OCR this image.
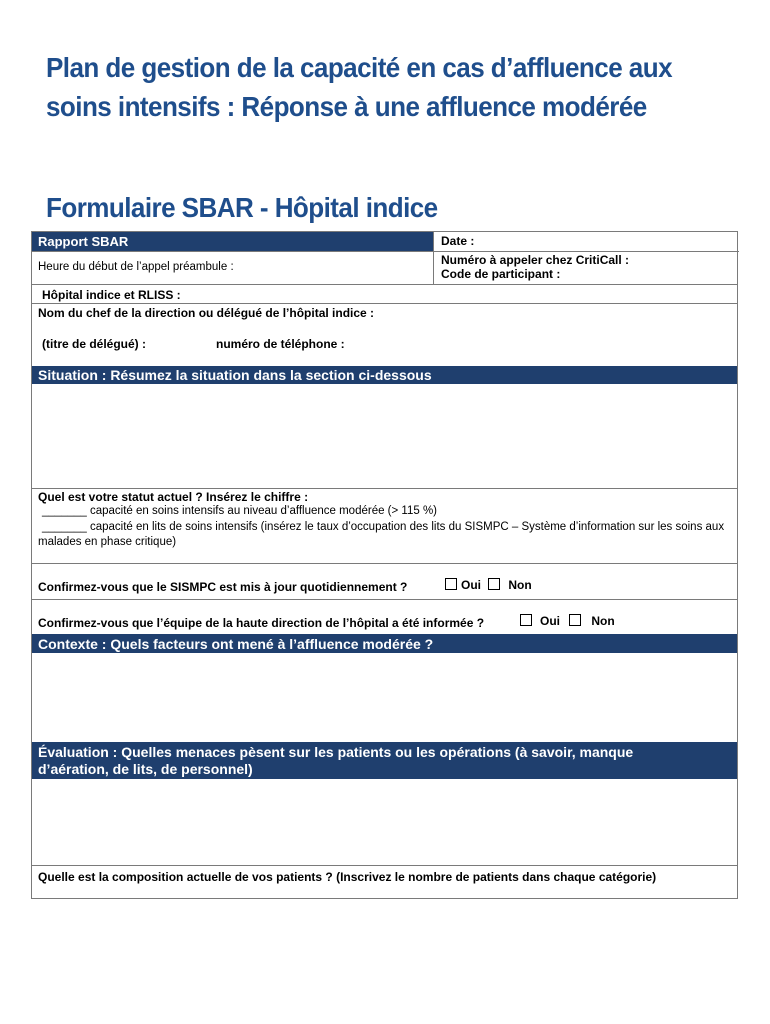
Plan de gestion de la capacité en cas d’affluence aux soins intensifs : Réponse à une affluence modérée
Formulaire SBAR - Hôpital indice
Rapport SBAR	Date :
Heure du début de l’appel préambule :	Numéro à appeler chez CritiCall :
Code de participant :
Hôpital indice et RLISS :
Nom du chef de la direction ou délégué de l’hôpital indice :
(titre de délégué) :	numéro de téléphone :
Situation : Résumez la situation dans la section ci-dessous
Quel est votre statut actuel ? Insérez le chiffre :
_______ capacité en soins intensifs au niveau d’affluence modérée (> 115 %)
_______ capacité en lits de soins intensifs (insérez le taux d’occupation des lits du SISMPC – Système d’information sur les soins aux malades en phase critique)
Confirmez-vous que le SISMPC est mis à jour quotidiennement ?	Oui Non
Confirmez-vous que l’équipe de la haute direction de l’hôpital a été informée ?	Oui	Non
Contexte : Quels facteurs ont mené à l’affluence modérée ?
Évaluation : Quelles menaces pèsent sur les patients ou les opérations (à savoir, manque d’aération, de lits, de personnel)
Quelle est la composition actuelle de vos patients ? (Inscrivez le nombre de patients dans chaque catégorie)
